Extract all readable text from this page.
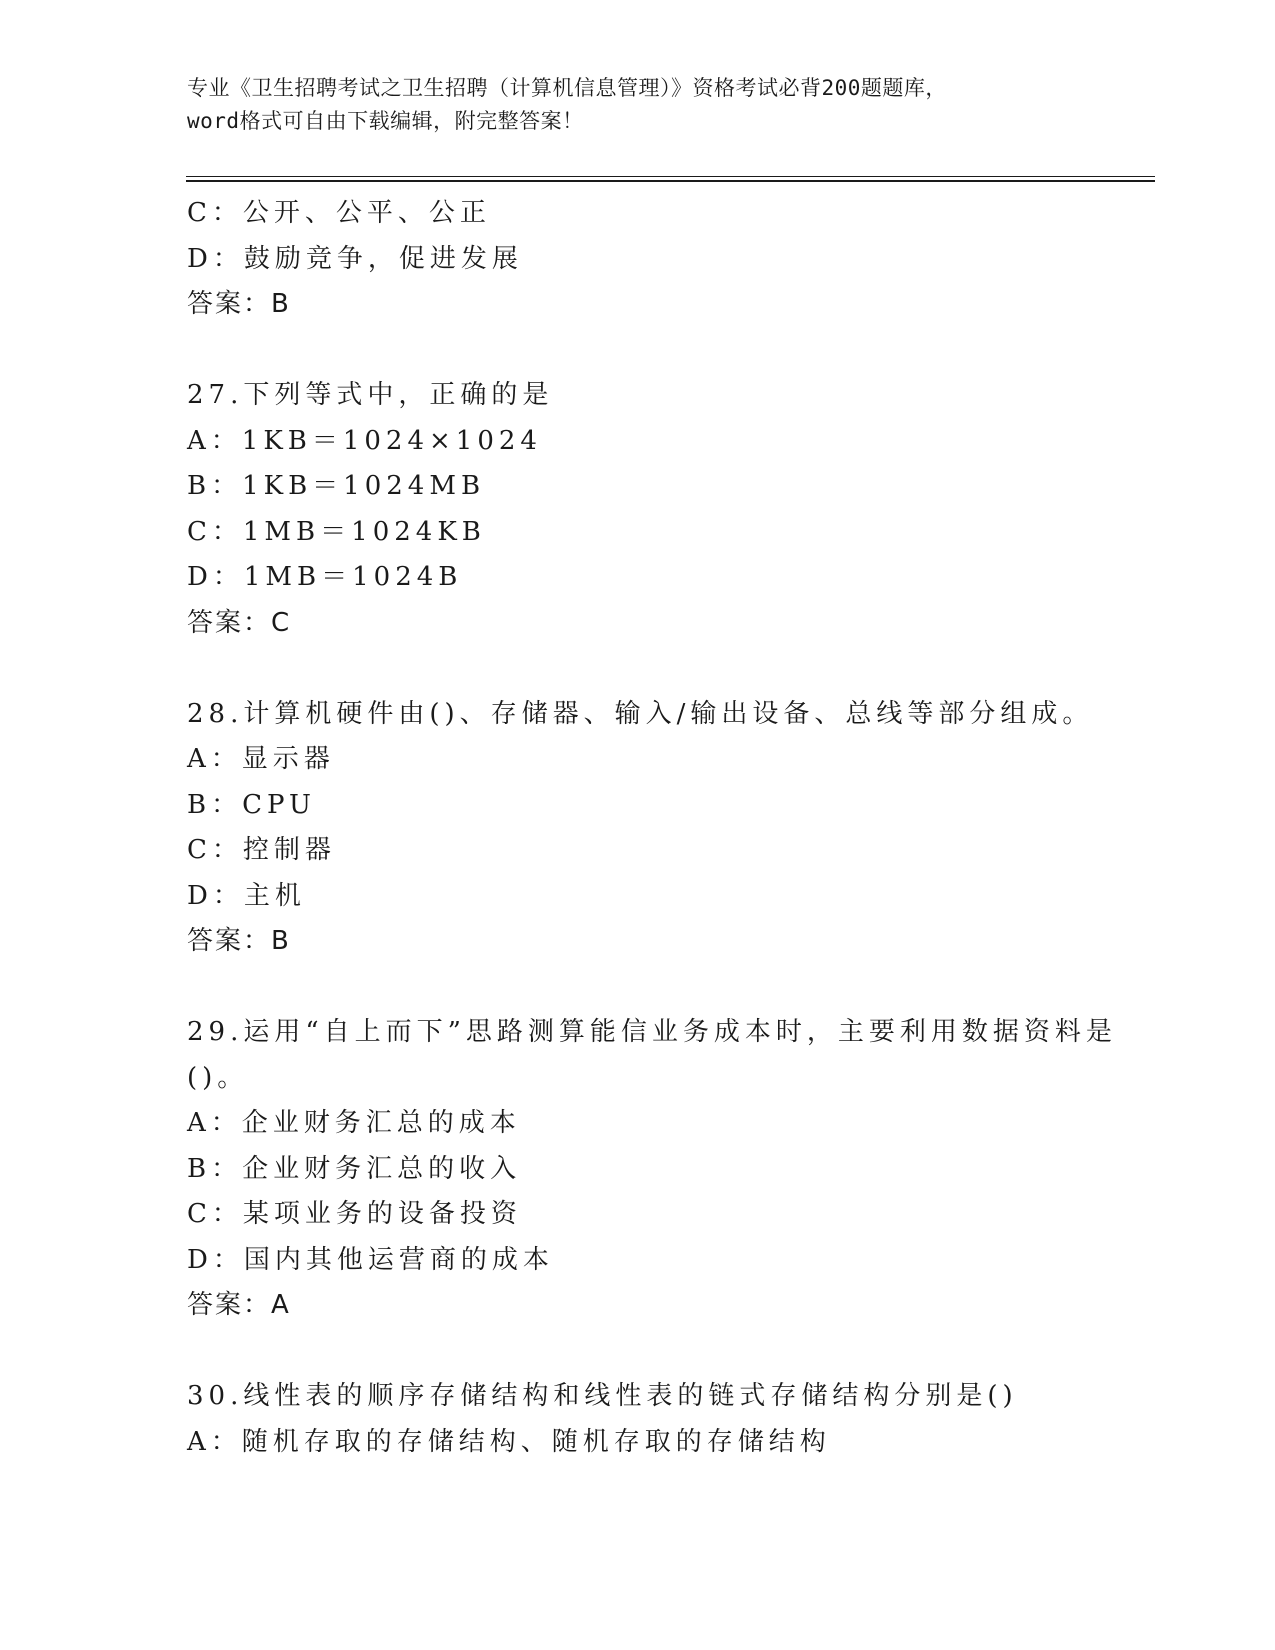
专业《卫生招聘考试之卫生招聘（计算机信息管理）》资格考试必背200题题库，
word格式可自由下载编辑，附完整答案！
C：公开、公平、公正
D：鼓励竞争，促进发展
答案：B
27.下列等式中，正确的是
A：1KB＝1024×1024
B：1KB＝1024MB
C：1MB＝1024KB
D：1MB＝1024B
答案：C
28.计算机硬件由()、存储器、输入/输出设备、总线等部分组成。
A：显示器
B：CPU
C：控制器
D：主机
答案：B
29.运用“自上而下”思路测算能信业务成本时，主要利用数据资料是
()。
A：企业财务汇总的成本
B：企业财务汇总的收入
C：某项业务的设备投资
D：国内其他运营商的成本
答案：A
30.线性表的顺序存储结构和线性表的链式存储结构分别是()
A：随机存取的存储结构、随机存取的存储结构
